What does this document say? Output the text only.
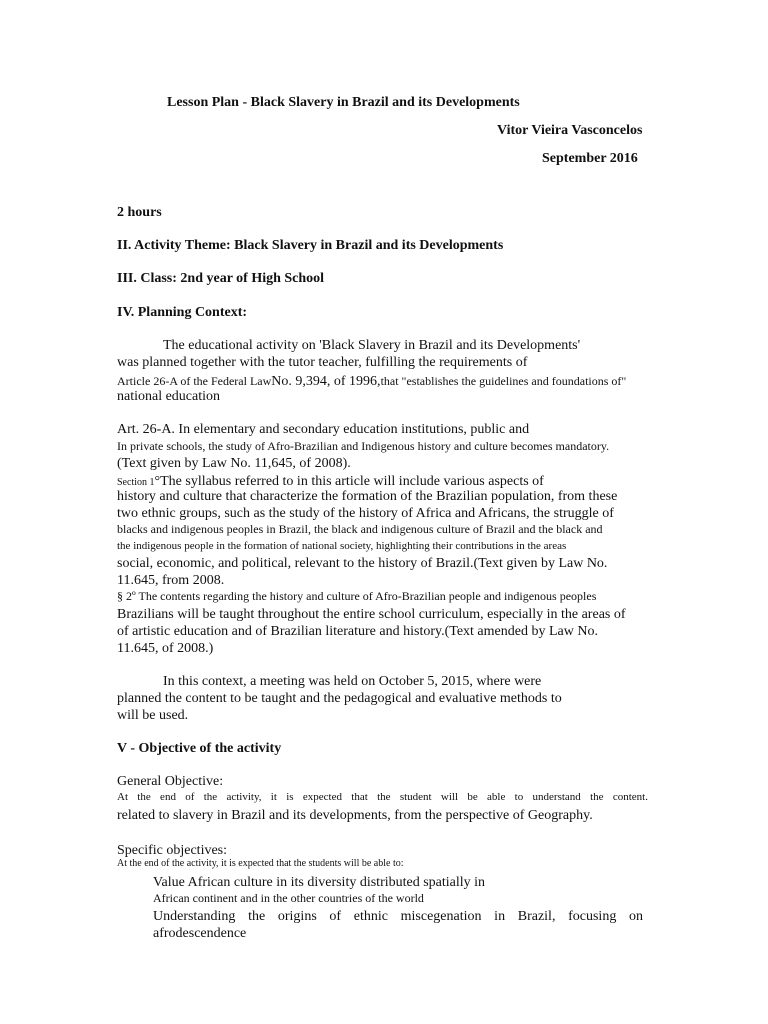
Lesson Plan - Black Slavery in Brazil and its Developments
Vitor Vieira Vasconcelos
September 2016
2 hours
II. Activity Theme: Black Slavery in Brazil and its Developments
III. Class: 2nd year of High School
IV. Planning Context:
The educational activity on 'Black Slavery in Brazil and its Developments'
was planned together with the tutor teacher, fulfilling the requirements of
Article 26-A of the Federal LawNo. 9,394, of 1996,that "establishes the guidelines and foundations of"
national education
Art. 26-A. In elementary and secondary education institutions, public and
In private schools, the study of Afro-Brazilian and Indigenous history and culture becomes mandatory.
(Text given by Law No. 11,645, of 2008).
Section 1°The syllabus referred to in this article will include various aspects of
history and culture that characterize the formation of the Brazilian population, from these
two ethnic groups, such as the study of the history of Africa and Africans, the struggle of
blacks and indigenous peoples in Brazil, the black and indigenous culture of Brazil and the black and
the indigenous people in the formation of national society, highlighting their contributions in the areas
social, economic, and political, relevant to the history of Brazil.(Text given by Law No.
11.645, from 2008.
§ 2º The contents regarding the history and culture of Afro-Brazilian people and indigenous peoples
Brazilians will be taught throughout the entire school curriculum, especially in the areas of
of artistic education and of Brazilian literature and history.(Text amended by Law No.
11.645, of 2008.)
In this context, a meeting was held on October 5, 2015, where were
planned the content to be taught and the pedagogical and evaluative methods to
will be used.
V - Objective of the activity
General Objective:
At the end of the activity, it is expected that the student will be able to understand the content.
related to slavery in Brazil and its developments, from the perspective of Geography.
Specific objectives:
At the end of the activity, it is expected that the students will be able to:
Value African culture in its diversity distributed spatially in
African continent and in the other countries of the world
Understanding the origins of ethnic miscegenation in Brazil, focusing on
afrodescendence
